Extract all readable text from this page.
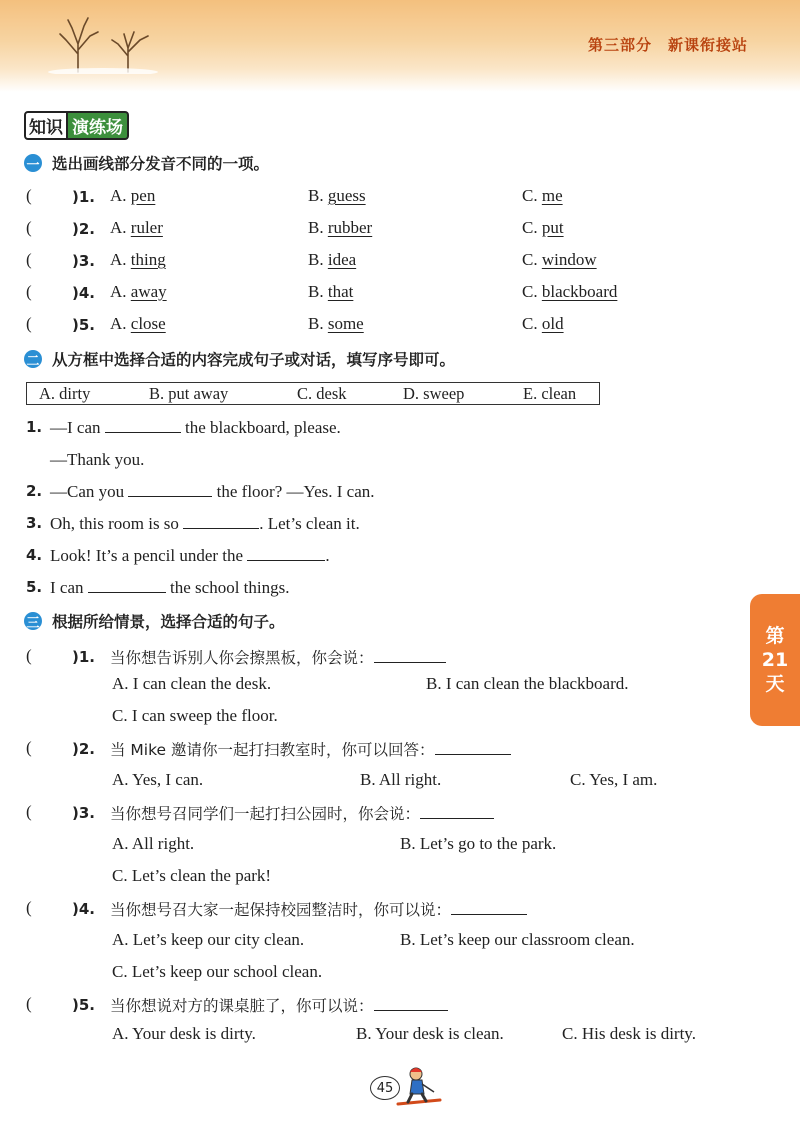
第三部分　新课衔接站
知识 演练场
一 选出画线部分发音不同的一项。
(	)1. A. pen	B. guess	C. me
(	)2. A. ruler	B. rubber	C. put
(	)3. A. thing	B. idea	C. window
(	)4. A. away	B. that	C. blackboard
(	)5. A. close	B. some	C. old
二 从方框中选择合适的内容完成句子或对话，填写序号即可。
A. dirty	B. put away	C. desk	D. sweep	E. clean
1. —I can	the blackboard, please.
—Thank you.
2. —Can you	the floor? —Yes. I can.
3. Oh, this room is so	. Let’s clean it.
4. Look! It’s a pencil under the	.
5. I can	the school things.
三 根据所给情景，选择合适的句子。
(	)1. 当你想告诉别人你会擦黑板，你会说：
A. I can clean the desk.	B. I can clean the blackboard.
C. I can sweep the floor.
(	)2. 当 Mike 邀请你一起打扫教室时，你可以回答：
A. Yes, I can.	B. All right.	C. Yes, I am.
(	)3. 当你想号召同学们一起打扫公园时，你会说：
A. All right.	B. Let’s go to the park.
C. Let’s clean the park!
(	)4. 当你想号召大家一起保持校园整洁时，你可以说：
A. Let’s keep our city clean.	B. Let’s keep our classroom clean.
C. Let’s keep our school clean.
(	)5. 当你想说对方的课桌脏了，你可以说：
A. Your desk is dirty.	B. Your desk is clean.	C. His desk is dirty.
第
21
天
45
